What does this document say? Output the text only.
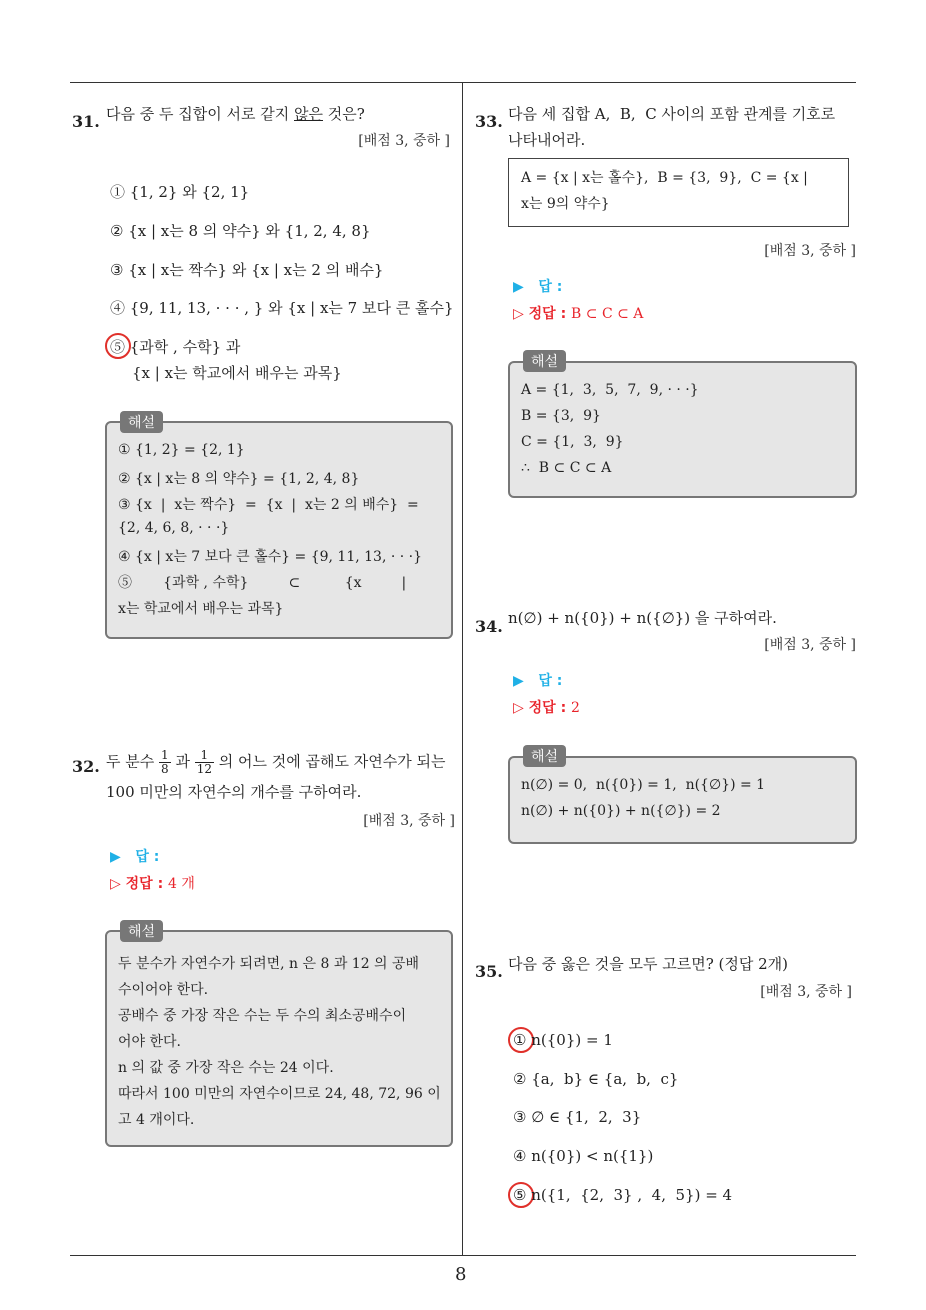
8
31. 다음 중 두 집합이 서로 같지 않은 것은?
[배점 3, 중하 ]
① {1, 2} 와 {2, 1}
② {x | x는 8 의 약수} 와 {1, 2, 4, 8}
③ {x | x는 짝수} 와 {x | x는 2 의 배수}
④ {9, 11, 13, · · · , } 와 {x | x는 7 보다 큰 홀수}
⑤ {과학 , 수학} 과
{x | x는 학교에서 배우는 과목}
해설
① {1, 2} = {2, 1}
② {x | x는 8 의 약수} = {1, 2, 4, 8}
③ {x  |  x는 짝수}  =  {x  |  x는 2 의 배수}  =
{2, 4, 6, 8, · · ·}
④ {x | x는 7 보다 큰 홀수} = {9, 11, 13, · · ·}
⑤       {과학 , 수학}         ⊂          {x         |
x는 학교에서 배우는 과목}
32. 두 분수 $\frac{1}{8}$ 과 $\frac{1}{12}$ 의 어느 것에 곱해도 자연수가 되는
100 미만의 자연수의 개수를 구하여라.
[배점 3, 중하 ]
▶   답 :
▷ 정답 : 4 개
해설
두 분수가 자연수가 되려면, n 은 8 과 12 의 공배
수이어야 한다.
공배수 중 가장 작은 수는 두 수의 최소공배수이
어야 한다.
n 의 값 중 가장 작은 수는 24 이다.
따라서 100 미만의 자연수이므로 24, 48, 72, 96 이
고 4 개이다.
33. 다음 세 집합 A,  B,  C 사이의 포함 관계를 기호로
나타내어라.
A = {x | x는 홀수},  B = {3,  9},  C = {x |
x는 9의 약수}
[배점 3, 중하 ]
▶   답 :
▷ 정답 : B ⊂ C ⊂ A
해설
A = {1,  3,  5,  7,  9, · · ·}
B = {3,  9}
C = {1,  3,  9}
∴  B ⊂ C ⊂ A
34. n(∅) + n({0}) + n({∅}) 을 구하여라.
[배점 3, 중하 ]
▶   답 :
▷ 정답 : 2
해설
n(∅) = 0,  n({0}) = 1,  n({∅}) = 1
n(∅) + n({0}) + n({∅}) = 2
35. 다음 중 옳은 것을 모두 고르면? (정답 2개)
[배점 3, 중하 ]
① n({0}) = 1
② {a,  b} ∈ {a,  b,  c}
③ ∅ ∈ {1,  2,  3}
④ n({0}) < n({1})
⑤ n({1,  {2,  3} ,  4,  5}) = 4
